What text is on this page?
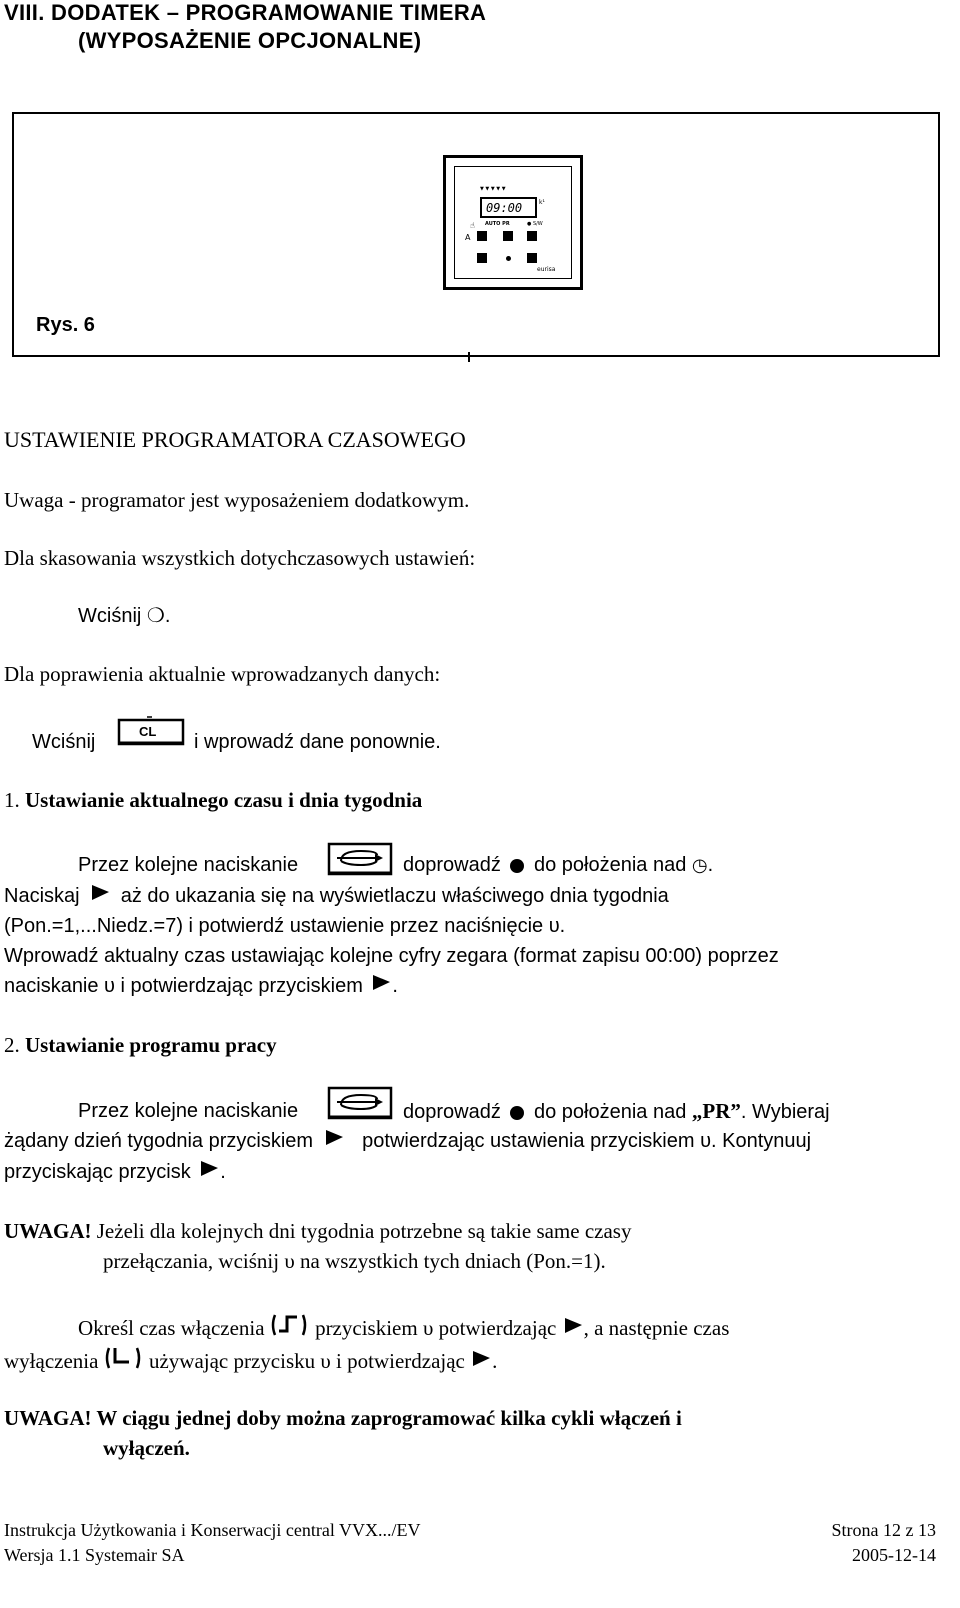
VIII. DODATEK – PROGRAMOWANIE TIMERA
(WYPOSAŻENIE OPCJONALNE)
▼ ▼ ▼ ▼ ▼
09:00	k¹
AUTO PR	● S/W
☝
A
eurisa
Rys. 6
USTAWIENIE PROGRAMATORA CZASOWEGO
Uwaga - programator jest wyposażeniem dodatkowym.
Dla skasowania wszystkich dotychczasowych ustawień:
Wciśnij ❍.
Dla poprawienia aktualnie wprowadzanych danych:
Wciśnij	CL i wprowadź dane ponownie.
1. Ustawianie aktualnego czasu i dnia tygodnia
Przez kolejne naciskanie	doprowadź do położenia nad ◷.
Naciskaj aż do ukazania się na wyświetlaczu właściwego dnia tygodnia
(Pon.=1,...Niedz.=7) i potwierdź ustawienie przez naciśnięcie υ.
Wprowadź aktualny czas ustawiając kolejne cyfry zegara (format zapisu 00:00) poprzez
naciskanie υ i potwierdzając przyciskiem .
2. Ustawianie programu pracy
Przez kolejne naciskanie	doprowadź do położenia nad „PR”. Wybieraj
żądany dzień tygodnia przyciskiem potwierdzając ustawienia przyciskiem υ. Kontynuuj
przyciskając przycisk .
UWAGA! Jeżeli dla kolejnych dni tygodnia potrzebne są takie same czasy
przełączania, wciśnij υ na wszystkich tych dniach (Pon.=1).
Określ czas włączenia przyciskiem υ potwierdzając , a następnie czas
wyłączenia używając przycisku υ i potwierdzając .
UWAGA! W ciągu jednej doby można zaprogramować kilka cykli włączeń i
wyłączeń.
Instrukcja Użytkowania i Konserwacji central VVX.../EV
Wersja 1.1 Systemair SA
Strona 12 z 13
2005-12-14
